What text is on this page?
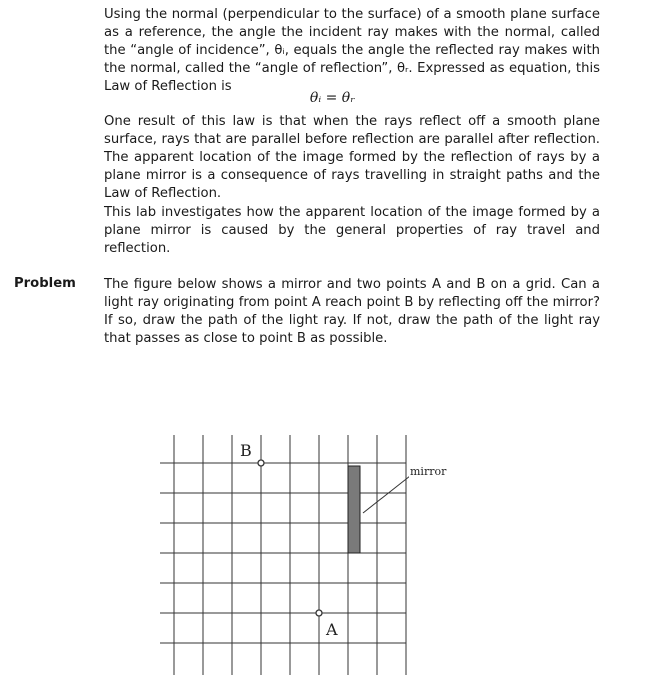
Using the normal (perpendicular to the surface) of a smooth plane surface as a reference, the angle the incident ray makes with the normal, called the “angle of incidence”, θᵢ, equals the angle the reflected ray makes with the normal, called the “angle of reflection”, θᵣ. Expressed as equation, this Law of Reflection is
θᵢ = θᵣ
One result of this law is that when the rays reflect off a smooth plane surface, rays that are parallel before reflection are parallel after reflection. The apparent location of the image formed by the reflection of rays by a plane mirror is a consequence of rays travelling in straight paths and the Law of Reflection.
This lab investigates how the apparent location of the image formed by a plane mirror is caused by the general properties of ray travel and reflection.
Problem The figure below shows a mirror and two points A and B on a grid. Can a light ray originating from point A reach point B by reflecting off the mirror? If so, draw the path of the light ray. If not, draw the path of the light ray that passes as close to point B as possible.
B
mirror
A
